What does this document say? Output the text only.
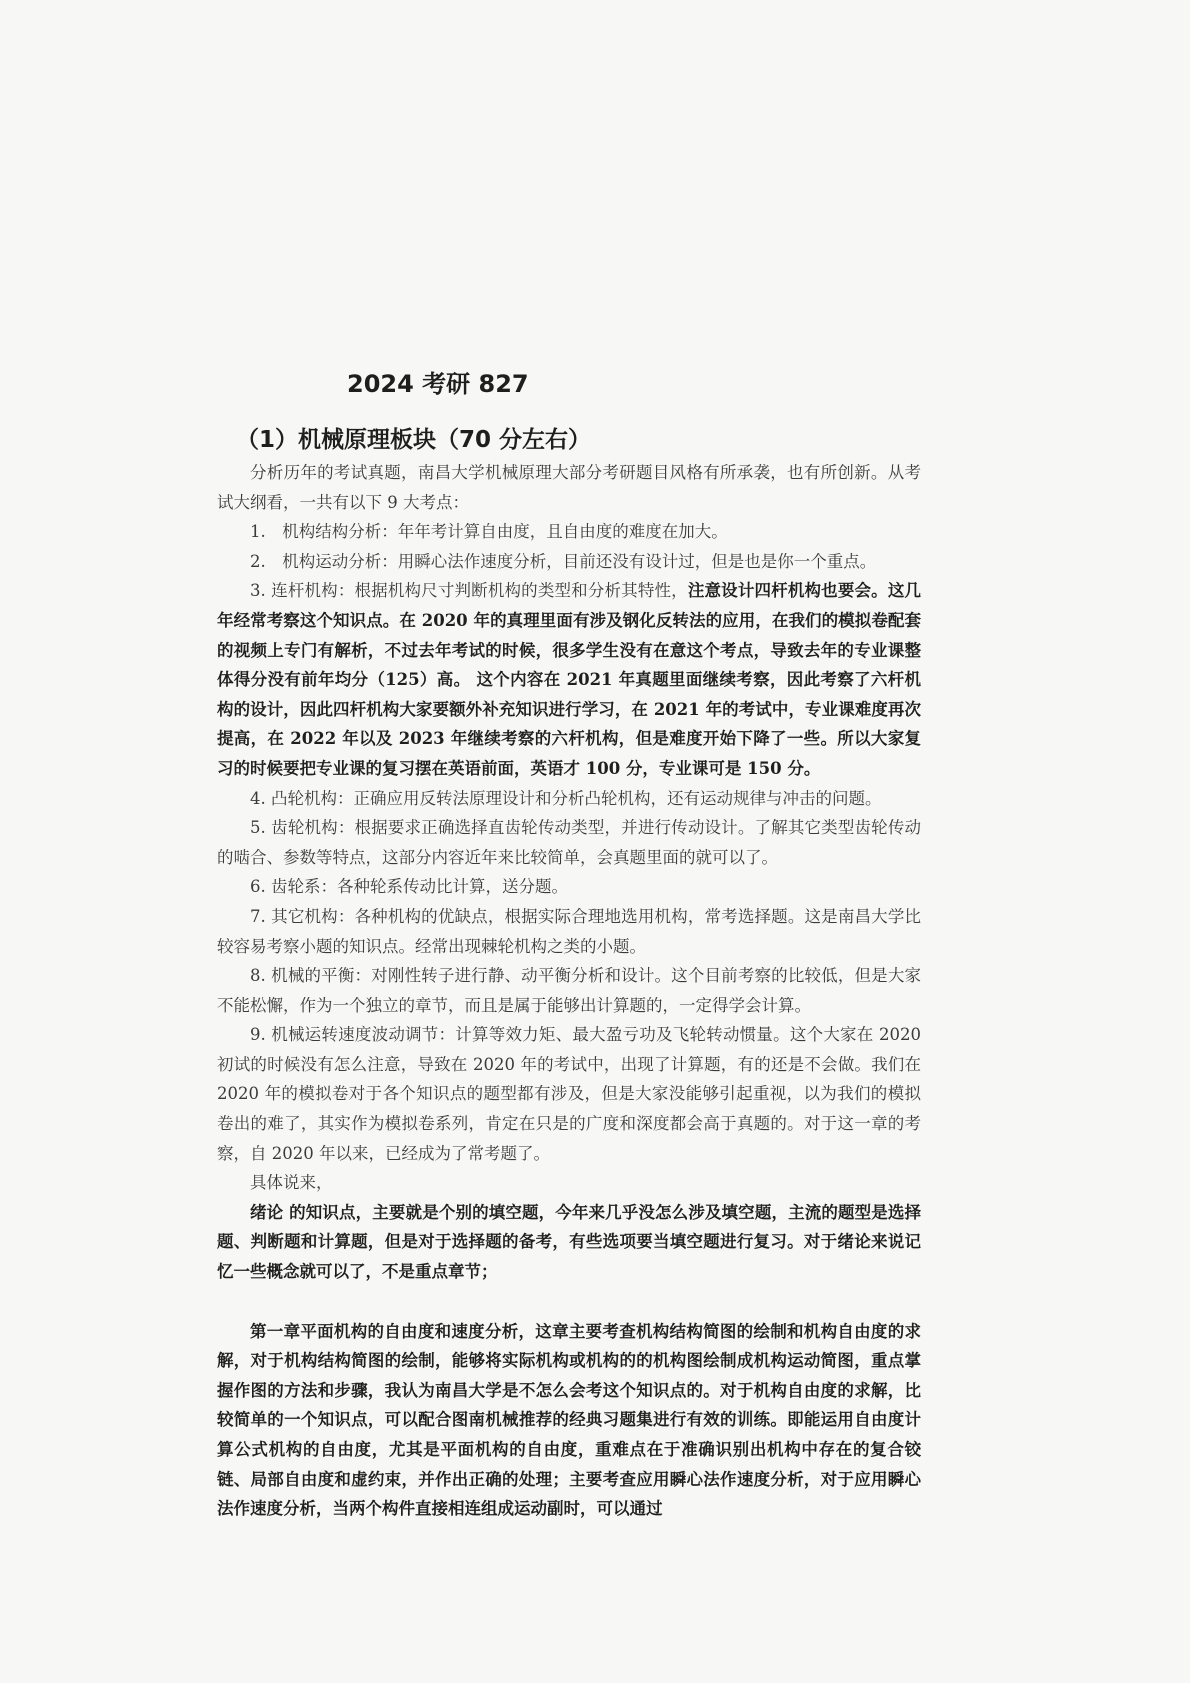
2024 考研 827
（1）机械原理板块（70 分左右）

分析历年的考试真题，南昌大学机械原理大部分考研题目风格有所承袭，也有所创新。从考试大纲看，一共有以下 9 大考点：

1.　机构结构分析：年年考计算自由度，且自由度的难度在加大。

2.　机构运动分析：用瞬心法作速度分析，目前还没有设计过，但是也是你一个重点。

3. 连杆机构：根据机构尺寸判断机构的类型和分析其特性，注意设计四杆机构也要会。这几年经常考察这个知识点。在 2020 年的真理里面有涉及钢化反转法的应用，在我们的模拟卷配套的视频上专门有解析，不过去年考试的时候，很多学生没有在意这个考点，导致去年的专业课整体得分没有前年均分（125）高。 这个内容在 2021 年真题里面继续考察，因此考察了六杆机构的设计，因此四杆机构大家要额外补充知识进行学习，在 2021 年的考试中，专业课难度再次提高，在 2022 年以及 2023 年继续考察的六杆机构，但是难度开始下降了一些。所以大家复习的时候要把专业课的复习摆在英语前面，英语才 100 分，专业课可是 150 分。

4. 凸轮机构：正确应用反转法原理设计和分析凸轮机构，还有运动规律与冲击的问题。

5. 齿轮机构：根据要求正确选择直齿轮传动类型，并进行传动设计。了解其它类型齿轮传动的啮合、参数等特点，这部分内容近年来比较简单，会真题里面的就可以了。

6. 齿轮系：各种轮系传动比计算，送分题。

7. 其它机构：各种机构的优缺点，根据实际合理地选用机构，常考选择题。这是南昌大学比较容易考察小题的知识点。经常出现棘轮机构之类的小题。

8. 机械的平衡：对刚性转子进行静、动平衡分析和设计。这个目前考察的比较低，但是大家不能松懈，作为一个独立的章节，而且是属于能够出计算题的，一定得学会计算。

9. 机械运转速度波动调节：计算等效力矩、最大盈亏功及飞轮转动惯量。这个大家在 2020 初试的时候没有怎么注意，导致在 2020 年的考试中，出现了计算题，有的还是不会做。我们在 2020 年的模拟卷对于各个知识点的题型都有涉及，但是大家没能够引起重视，以为我们的模拟卷出的难了，其实作为模拟卷系列，肯定在只是的广度和深度都会高于真题的。对于这一章的考察，自 2020 年以来，已经成为了常考题了。

具体说来，

绪论 的知识点，主要就是个别的填空题，今年来几乎没怎么涉及填空题，主流的题型是选择题、判断题和计算题，但是对于选择题的备考，有些选项要当填空题进行复习。对于绪论来说记忆一些概念就可以了，不是重点章节；

第一章平面机构的自由度和速度分析，这章主要考查机构结构简图的绘制和机构自由度的求解，对于机构结构简图的绘制，能够将实际机构或机构的的机构图绘制成机构运动简图，重点掌握作图的方法和步骤，我认为南昌大学是不怎么会考这个知识点的。对于机构自由度的求解，比较简单的一个知识点，可以配合图南机械推荐的经典习题集进行有效的训练。即能运用自由度计算公式机构的自由度，尤其是平面机构的自由度，重难点在于准确识别出机构中存在的复合铰链、局部自由度和虚约束，并作出正确的处理；主要考查应用瞬心法作速度分析，对于应用瞬心法作速度分析，当两个构件直接相连组成运动副时，可以通过
